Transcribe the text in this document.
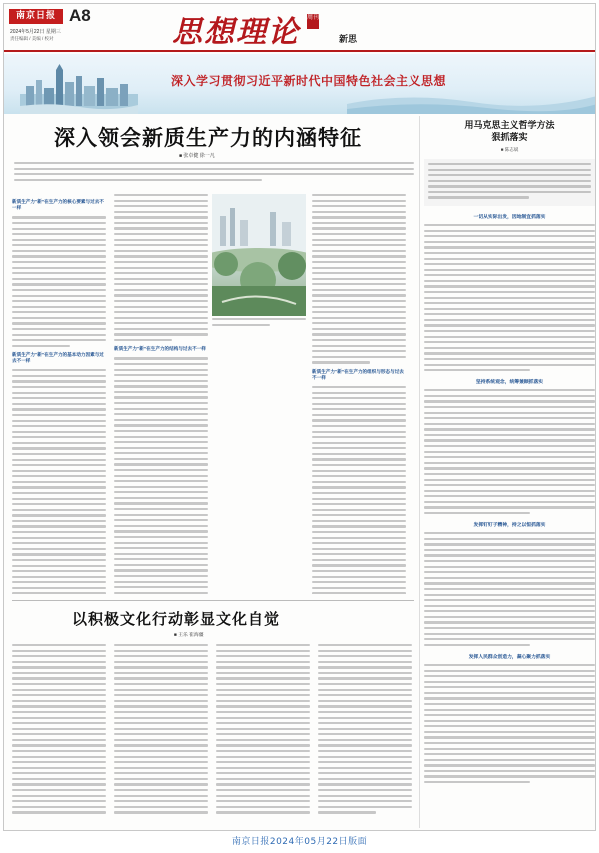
南京日报 A8
2024年5月22日 星期三
责任编辑 / 美编 / 校对	思想理论 周刊
新思
深入学习贯彻习近平新时代中国特色社会主义思想
深入领会新质生产力的内涵特征
■ 张卓健 徐一凡
新质生产力“新”在生产力的核心要素与过去不一样
新质生产力“新”在生产力的基本动力因素与过去不一样
新质生产力“新”在生产力的结构与过去不一样
新质生产力“新”在生产力的组织与形态与过去不一样
用马克思主义哲学方法
狠抓落实
■ 陈志斌
一切从实际出发，因地制宜抓落实
坚持系统观念，统筹兼顾抓落实
发挥钉钉子精神，持之以恒抓落实
发挥人民群众创造力，凝心聚力抓落实
以积极文化行动彰显文化自觉
■ 王乐 崔海疆
南京日报2024年05月22日版面
